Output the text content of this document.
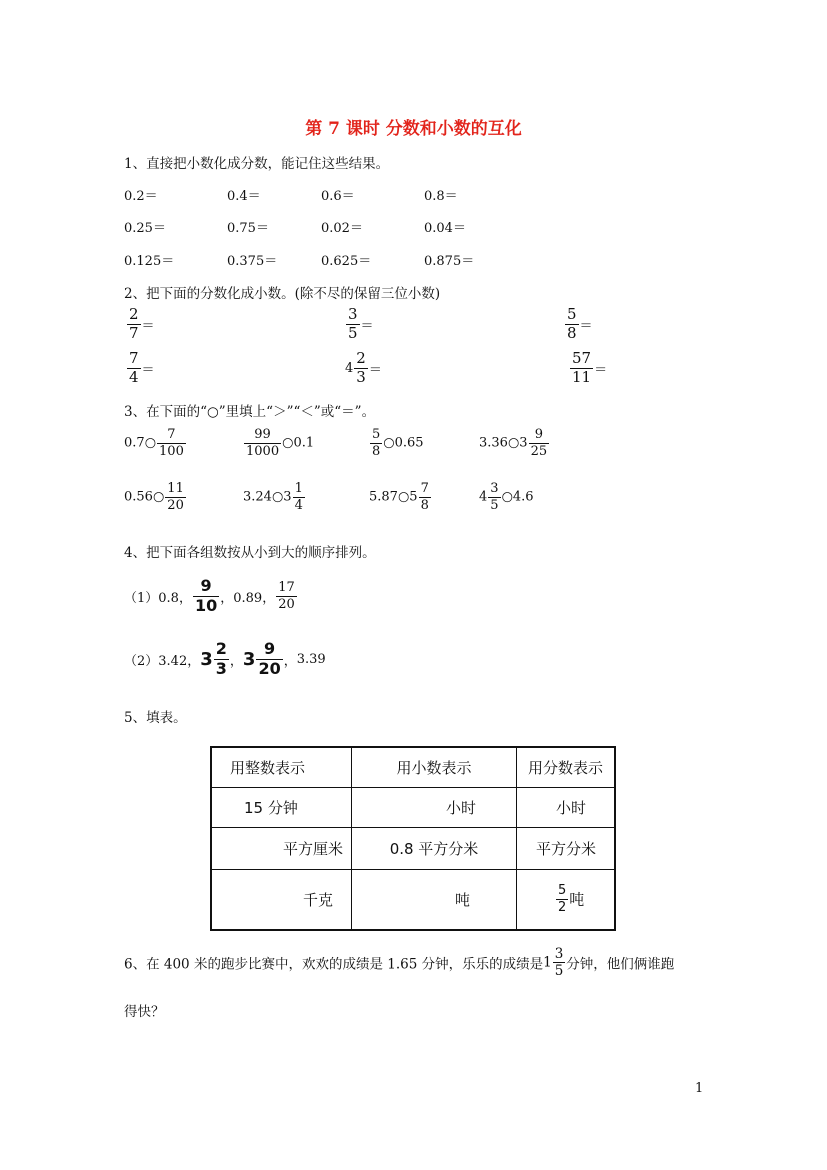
第 7 课时 分数和小数的互化
1、直接把小数化成分数，能记住这些结果。
0.2＝	0.4＝	0.6＝	0.8＝
0.25＝	0.75＝	0.02＝	0.04＝
0.125＝	0.375＝	0.625＝	0.875＝
2、把下面的分数化成小数。(除不尽的保留三位小数)
$\frac{2}{7}$ ＝	$\frac{3}{5}$ ＝	$\frac{5}{8}$ ＝
$\frac{7}{4}$ ＝	$4 \frac{2}{3}$ ＝	$\frac{57}{11}$ ＝
3、在下面的“○”里填上“＞”“＜”或“＝”。
0.7○ $\frac{7}{100}$	$\frac{99}{1000}$ ○0.1	$\frac{5}{8}$ ○0.65	3.36○3 $\frac{9}{25}$
0.56○ $\frac{11}{20}$	3.24○3 $\frac{1}{4}$	5.87○5 $\frac{7}{8}$	$4 \frac{3}{5}$ ○4.6
4、把下面各组数按从小到大的顺序排列。
（1）0.8， $\frac{9}{10}$ ，0.89， $\frac{17}{20}$
（2）3.42，$3 \frac{2}{3}$ ，$3 \frac{9}{20}$ ，3.39
5、填表。
用整数表示	用小数表示	用分数表示
15 分钟	小时	小时
平方厘米	0.8 平方分米	平方分米
千克	吨	$\frac{5}{2}$ 吨
6、在 400 米的跑步比赛中，欢欢的成绩是 1.65 分钟，乐乐的成绩是$1 \frac{3}{5}$ 分钟，他们俩谁跑
得快？
1
